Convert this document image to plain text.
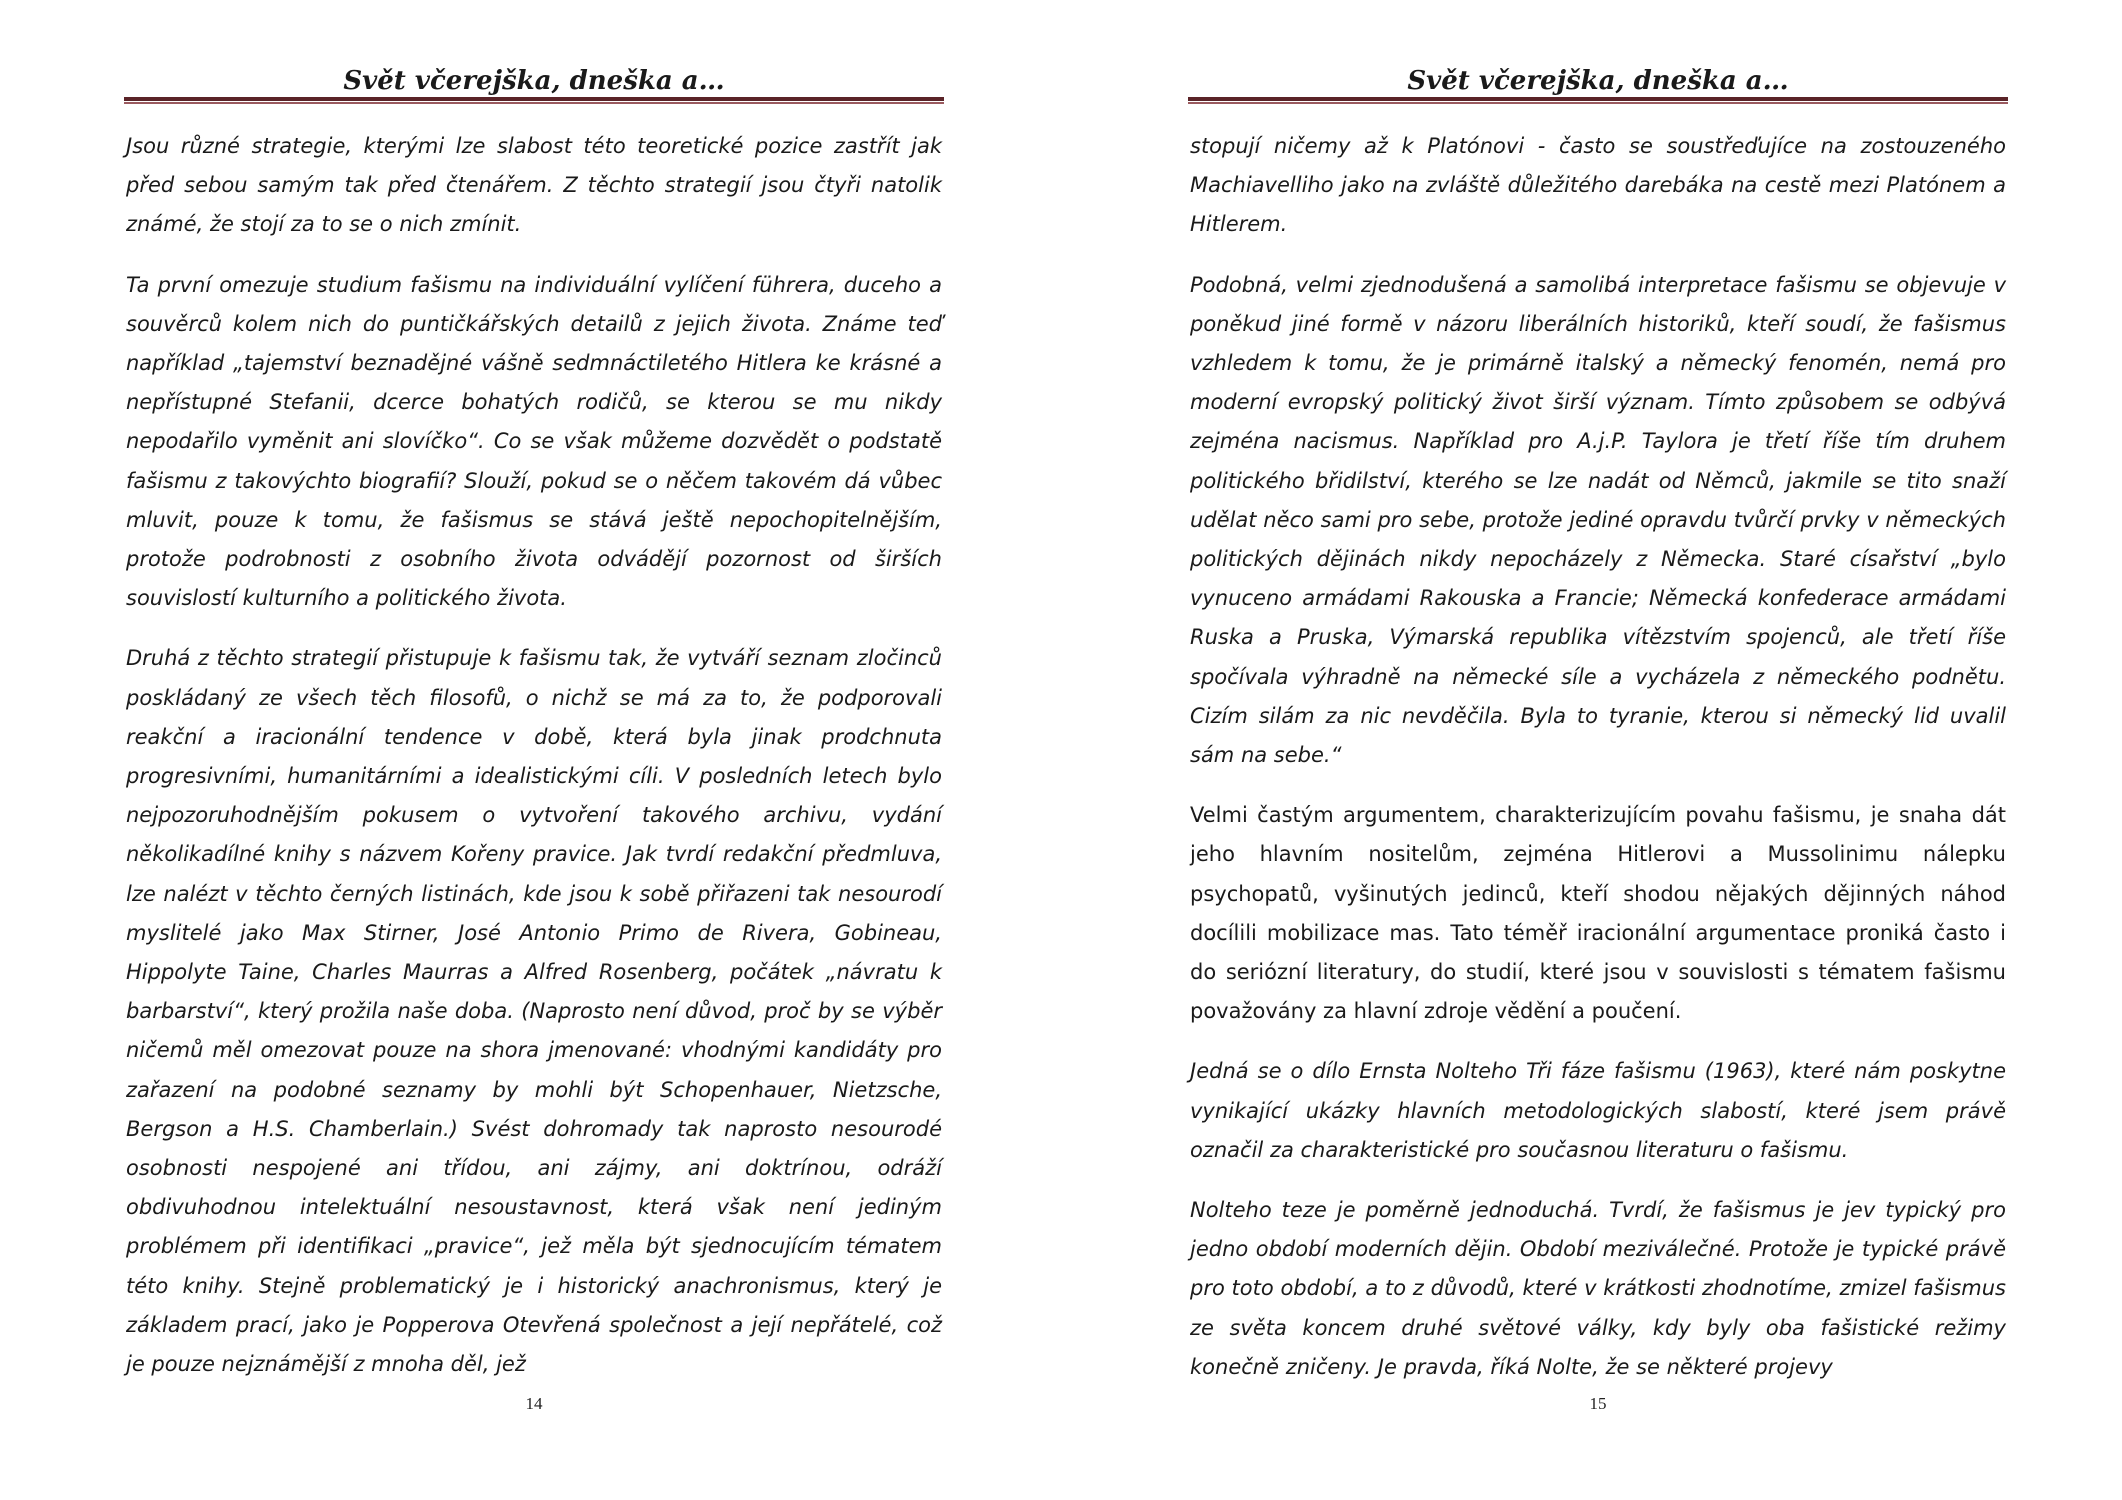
Svět včerejška, dneška a…

Jsou různé strategie, kterými lze slabost této teoretické pozice zastřít jak před sebou samým tak před čtenářem. Z těchto strategií jsou čtyři natolik známé, že stojí za to se o nich zmínit.

Ta první omezuje studium fašismu na individuální vylíčení führera, duceho a souvěrců kolem nich do puntičkářských detailů z jejich života. Známe teď například „tajemství beznadějné vášně sedmnáctiletého Hitlera ke krásné a nepřístupné Stefanii, dcerce bohatých rodičů, se kterou se mu nikdy nepodařilo vyměnit ani slovíčko“. Co se však můžeme dozvědět o podstatě fašismu z takovýchto biografií? Slouží, pokud se o něčem takovém dá vůbec mluvit, pouze k tomu, že fašismus se stává ještě nepochopitelnějším, protože podrobnosti z osobního života odvádějí pozornost od širších souvislostí kulturního a politického života.

Druhá z těchto strategií přistupuje k fašismu tak, že vytváří seznam zločinců poskládaný ze všech těch filosofů, o nichž se má za to, že podporovali reakční a iracionální tendence v době, která byla jinak prodchnuta progresivními, humanitárními a idealistickými cíli. V posledních letech bylo nejpozoruhodnějším pokusem o vytvoření takového archivu, vydání několikadílné knihy s názvem Kořeny pravice. Jak tvrdí redakční předmluva, lze nalézt v těchto černých listinách, kde jsou k sobě přiřazeni tak nesourodí myslitelé jako Max Stirner, José Antonio Primo de Rivera, Gobineau, Hippolyte Taine, Charles Maurras a Alfred Rosenberg, počátek „návratu k barbarství“, který prožila naše doba. (Naprosto není důvod, proč by se výběr ničemů měl omezovat pouze na shora jmenované: vhodnými kandidáty pro zařazení na podobné seznamy by mohli být Schopenhauer, Nietzsche, Bergson a H.S. Chamberlain.) Svést dohromady tak naprosto nesourodé osobnosti nespojené ani třídou, ani zájmy, ani doktrínou, odráží obdivuhodnou intelektuální nesoustavnost, která však není jediným problémem při identifikaci „pravice“, jež měla být sjednocujícím tématem této knihy. Stejně problematický je i historický anachronismus, který je základem prací, jako je Popperova Otevřená společnost a její nepřátelé, což je pouze nejznámější z mnoha děl, jež

14
Svět včerejška, dneška a…

stopují ničemy až k Platónovi - často se soustřeďujíce na zostouzeného Machiavelliho jako na zvláště důležitého darebáka na cestě mezi Platónem a Hitlerem.

Podobná, velmi zjednodušená a samolibá interpretace fašismu se objevuje v poněkud jiné formě v názoru liberálních historiků, kteří soudí, že fašismus vzhledem k tomu, že je primárně italský a německý fenomén, nemá pro moderní evropský politický život širší význam. Tímto způsobem se odbývá zejména nacismus. Například pro A.j.P. Taylora je třetí říše tím druhem politického břidilství, kterého se lze nadát od Němců, jakmile se tito snaží udělat něco sami pro sebe, protože jediné opravdu tvůrčí prvky v německých politických dějinách nikdy nepocházely z Německa. Staré císařství „bylo vynuceno armádami Rakouska a Francie; Německá konfederace armádami Ruska a Pruska, Výmarská republika vítězstvím spojenců, ale třetí říše spočívala výhradně na německé síle a vycházela z německého podnětu. Cizím silám za nic nevděčila. Byla to tyranie, kterou si německý lid uvalil sám na sebe.“

Velmi častým argumentem, charakterizujícím povahu fašismu, je snaha dát jeho hlavním nositelům, zejména Hitlerovi a Mussolinimu nálepku psychopatů, vyšinutých jedinců, kteří shodou nějakých dějinných náhod docílili mobilizace mas. Tato téměř iracionální argumentace proniká často i do seriózní literatury, do studií, které jsou v souvislosti s tématem fašismu považovány za hlavní zdroje vědění a poučení.

Jedná se o dílo Ernsta Nolteho Tři fáze fašismu (1963), které nám poskytne vynikající ukázky hlavních metodologických slabostí, které jsem právě označil za charakteristické pro současnou literaturu o fašismu.

Nolteho teze je poměrně jednoduchá. Tvrdí, že fašismus je jev typický pro jedno období moderních dějin. Období meziválečné. Protože je typické právě pro toto období, a to z důvodů, které v krátkosti zhodnotíme, zmizel fašismus ze světa koncem druhé světové války, kdy byly oba fašistické režimy konečně zničeny. Je pravda, říká Nolte, že se některé projevy

15
